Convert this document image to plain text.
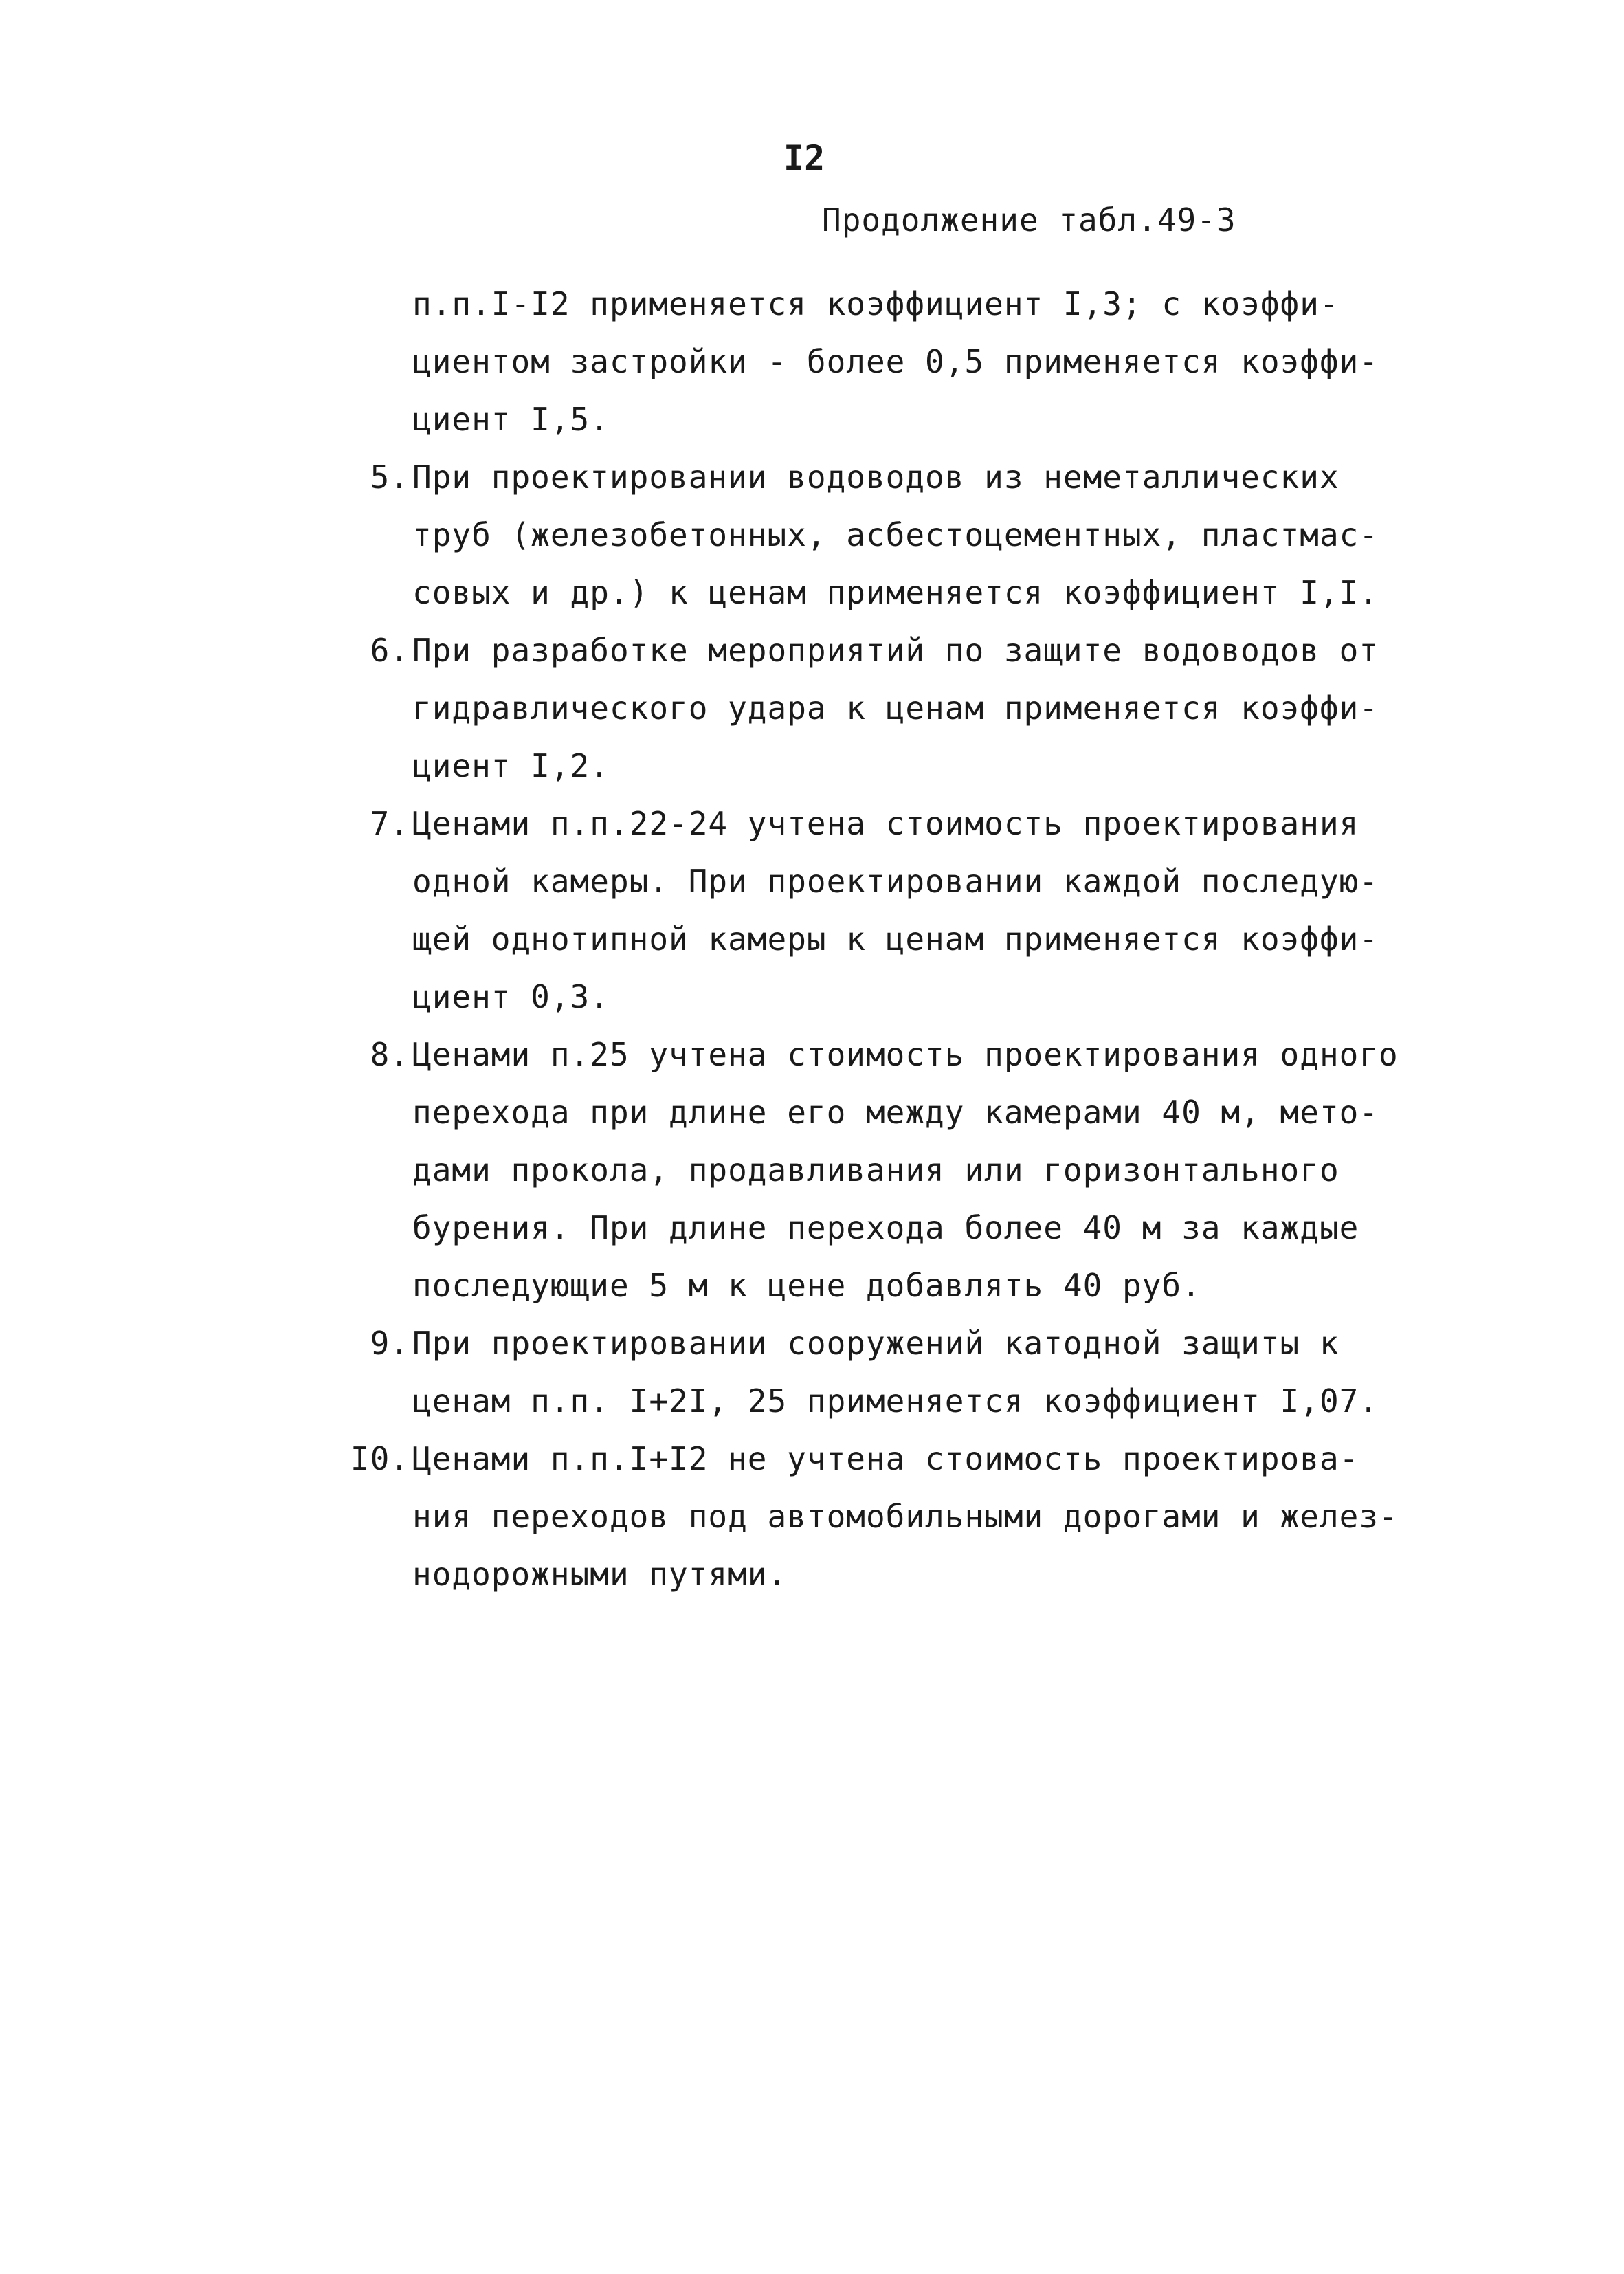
I2
Продолжение табл.49-3
п.п.I-I2 применяется коэффициент I,3; с коэффи-
циентом застройки - более 0,5 применяется коэффи-
циент I,5.
5. При проектировании водоводов из неметаллических
труб (железобетонных, асбестоцементных, пластмас-
совых и др.) к ценам применяется коэффициент I,I.
6. При разработке мероприятий по защите водоводов от
гидравлического удара к ценам применяется коэффи-
циент I,2.
7. Ценами п.п.22-24 учтена стоимость проектирования
одной камеры. При проектировании каждой последую-
щей однотипной камеры к ценам применяется коэффи-
циент 0,3.
8. Ценами п.25 учтена стоимость проектирования одного
перехода при длине его между камерами 40 м, мето-
дами прокола, продавливания или горизонтального
бурения. При длине перехода более 40 м за каждые
последующие 5 м к цене добавлять 40 руб.
9. При проектировании сооружений катодной защиты к
ценам п.п. I+2I, 25 применяется коэффициент I,07.
I0. Ценами п.п.I+I2 не учтена стоимость проектирова-
ния переходов под автомобильными дорогами и желез-
нодорожными путями.
